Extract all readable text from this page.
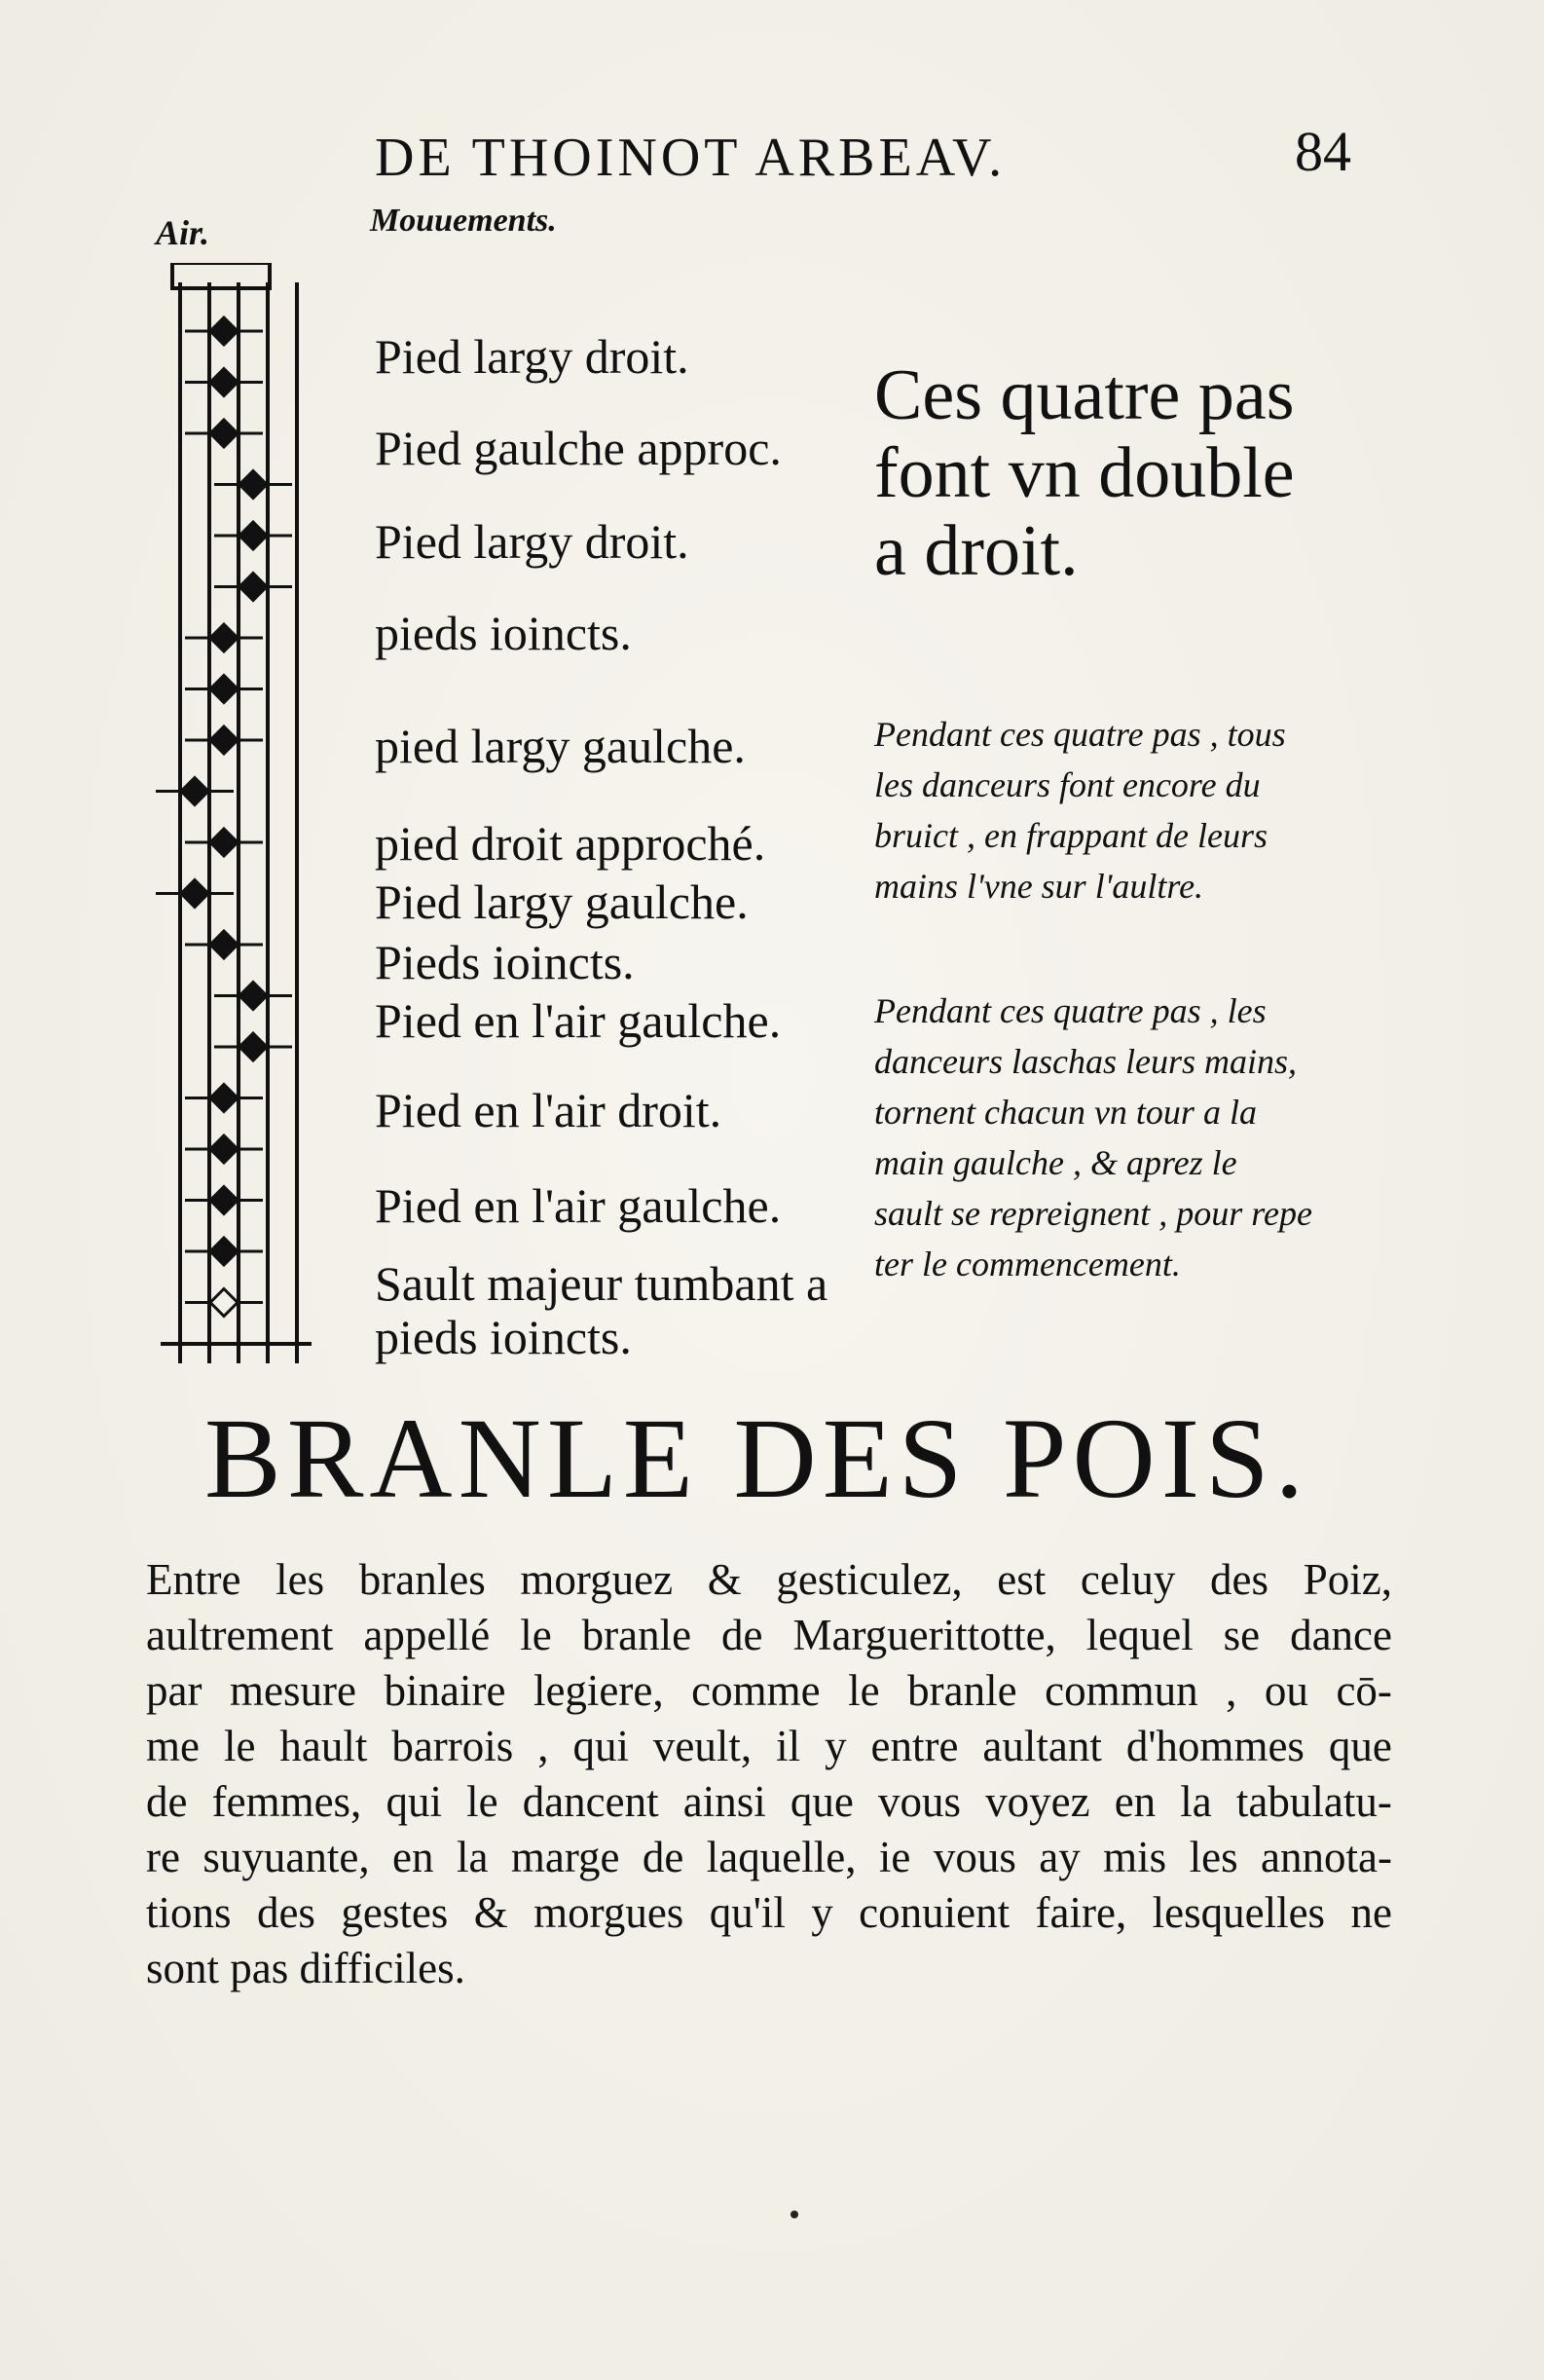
DE THOINOT ARBEAV.	84
Air.	Mouuements.
Pied largy droit.
Pied gaulche approc.
Pied largy droit.
pieds ioincts.
pied largy gaulche.
pied droit approché.
Pied largy gaulche.
Pieds ioincts.
Pied en l'air gaulche.
Pied en l'air droit.
Pied en l'air gaulche.
Sault majeur tumbant a
pieds ioincts.
Ces quatre pas
font vn double
a droit.
Pendant ces quatre pas , tous
les danceurs font encore du
bruict , en frappant de leurs
mains l'vne sur l'aultre.
Pendant ces quatre pas , les
danceurs laschas leurs mains,
tornent chacun vn tour a la
main gaulche , & aprez le
sault se repreignent , pour repe
ter le commencement.
BRANLE DES POIS.
Entre les branles morguez & gesticulez, est celuy des Poiz,
aultrement appellé le branle de Marguerittotte, lequel se dance
par mesure binaire legiere, comme le branle commun , ou cō-
me le hault barrois , qui veult, il y entre aultant d'hommes que
de femmes, qui le dancent ainsi que vous voyez en la tabulatu-
re suyuante, en la marge de laquelle, ie vous ay mis les annota-
tions des gestes & morgues qu'il y conuient faire, lesquelles ne
sont pas difficiles.
